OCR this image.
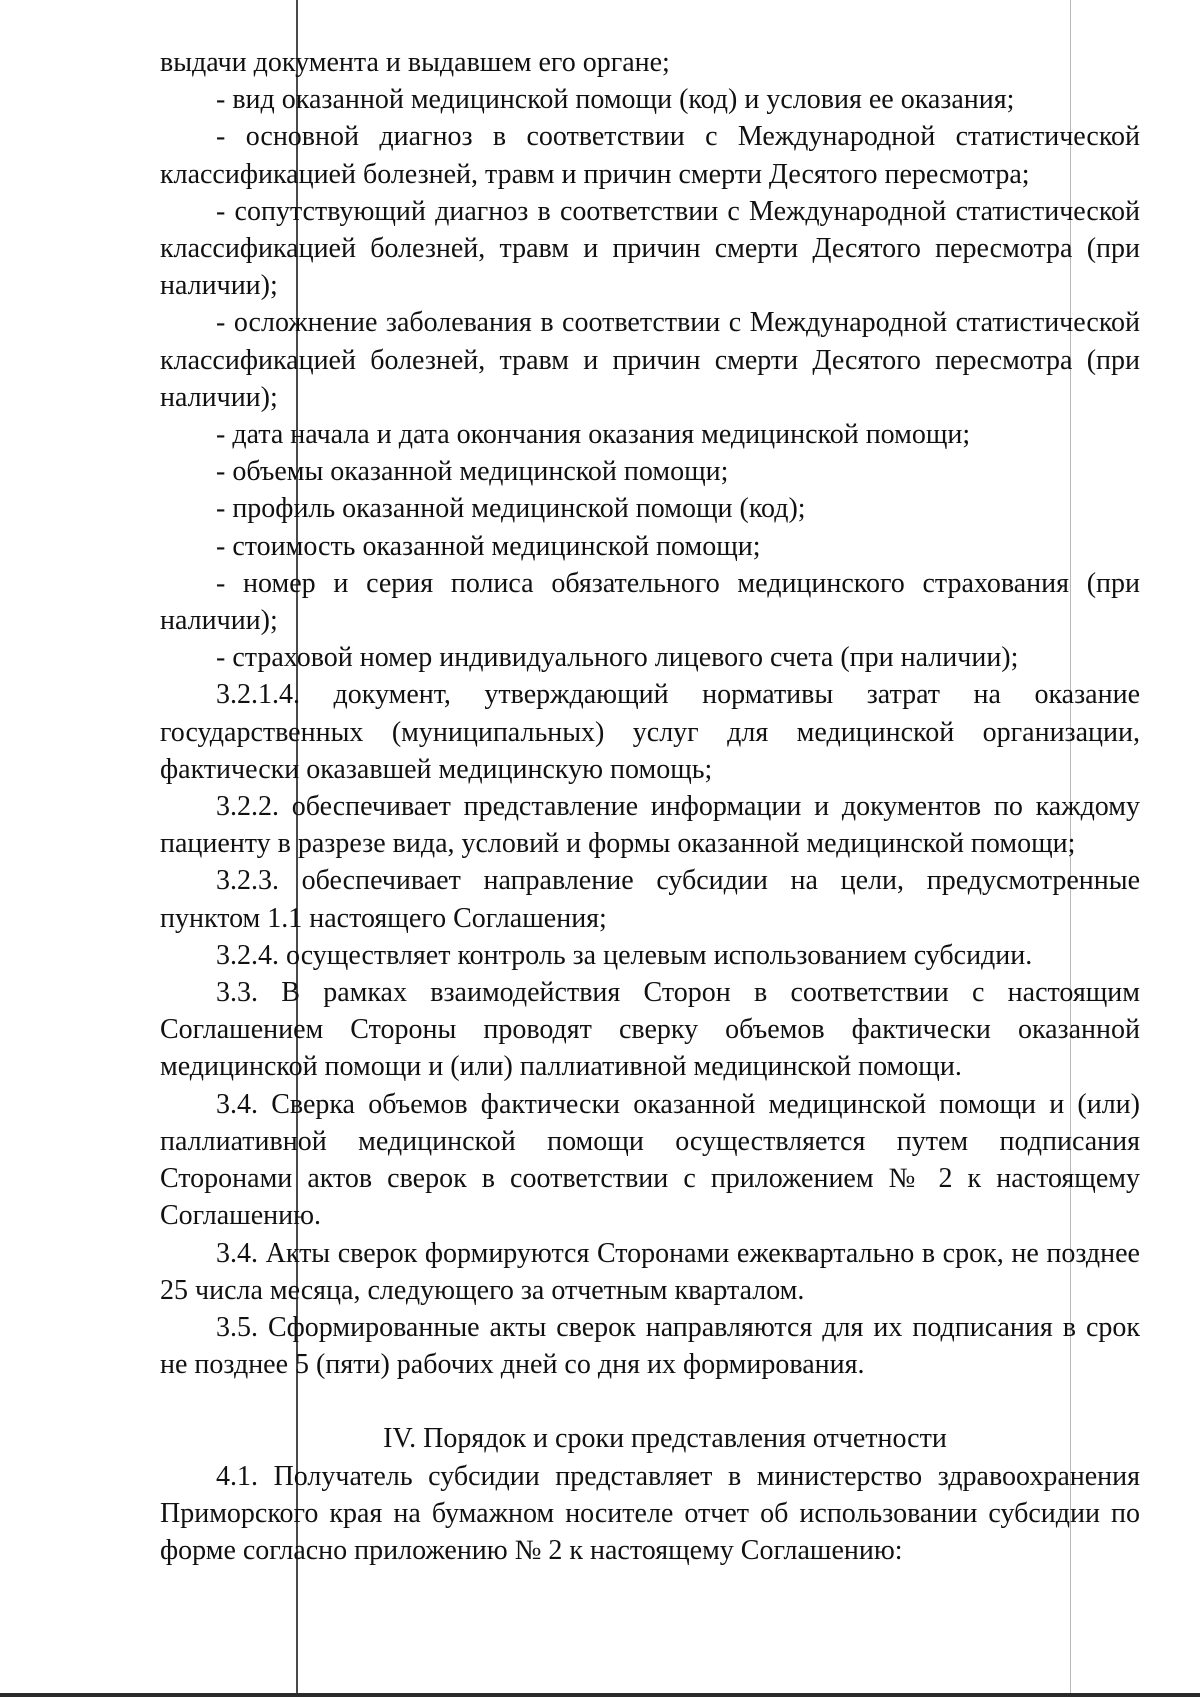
выдачи документа и выдавшем его органе;

- вид оказанной медицинской помощи (код) и условия ее оказания;

- основной диагноз в соответствии с Международной статистической классификацией болезней, травм и причин смерти Десятого пересмотра;

- сопутствующий диагноз в соответствии с Международной статистической классификацией болезней, травм и причин смерти Десятого пересмотра (при наличии);

- осложнение заболевания в соответствии с Международной статистической классификацией болезней, травм и причин смерти Десятого пересмотра (при наличии);

- дата начала и дата окончания оказания медицинской помощи;

- объемы оказанной медицинской помощи;

- профиль оказанной медицинской помощи (код);

- стоимость оказанной медицинской помощи;

- номер и серия полиса обязательного медицинского страхования (при наличии);

- страховой номер индивидуального лицевого счета (при наличии);

3.2.1.4. документ, утверждающий нормативы затрат на оказание государственных (муниципальных) услуг для медицинской организации, фактически оказавшей медицинскую помощь;

3.2.2. обеспечивает представление информации и документов по каждому пациенту в разрезе вида, условий и формы оказанной медицинской помощи;

3.2.3. обеспечивает направление субсидии на цели, предусмотренные пунктом 1.1 настоящего Соглашения;

3.2.4. осуществляет контроль за целевым использованием субсидии.

3.3. В рамках взаимодействия Сторон в соответствии с настоящим Соглашением Стороны проводят сверку объемов фактически оказанной медицинской помощи и (или) паллиативной медицинской помощи.

3.4. Сверка объемов фактически оказанной медицинской помощи и (или) паллиативной медицинской помощи осуществляется путем подписания Сторонами актов сверок в соответствии с приложением № 2 к настоящему Соглашению.

3.4. Акты сверок формируются Сторонами ежеквартально в срок, не позднее 25 числа месяца, следующего за отчетным кварталом.

3.5. Сформированные акты сверок направляются для их подписания в срок не позднее 5 (пяти) рабочих дней со дня их формирования.

IV. Порядок и сроки представления отчетности

4.1. Получатель субсидии представляет в министерство здравоохранения Приморского края на бумажном носителе отчет об использовании субсидии по форме согласно приложению № 2 к настоящему Соглашению:
